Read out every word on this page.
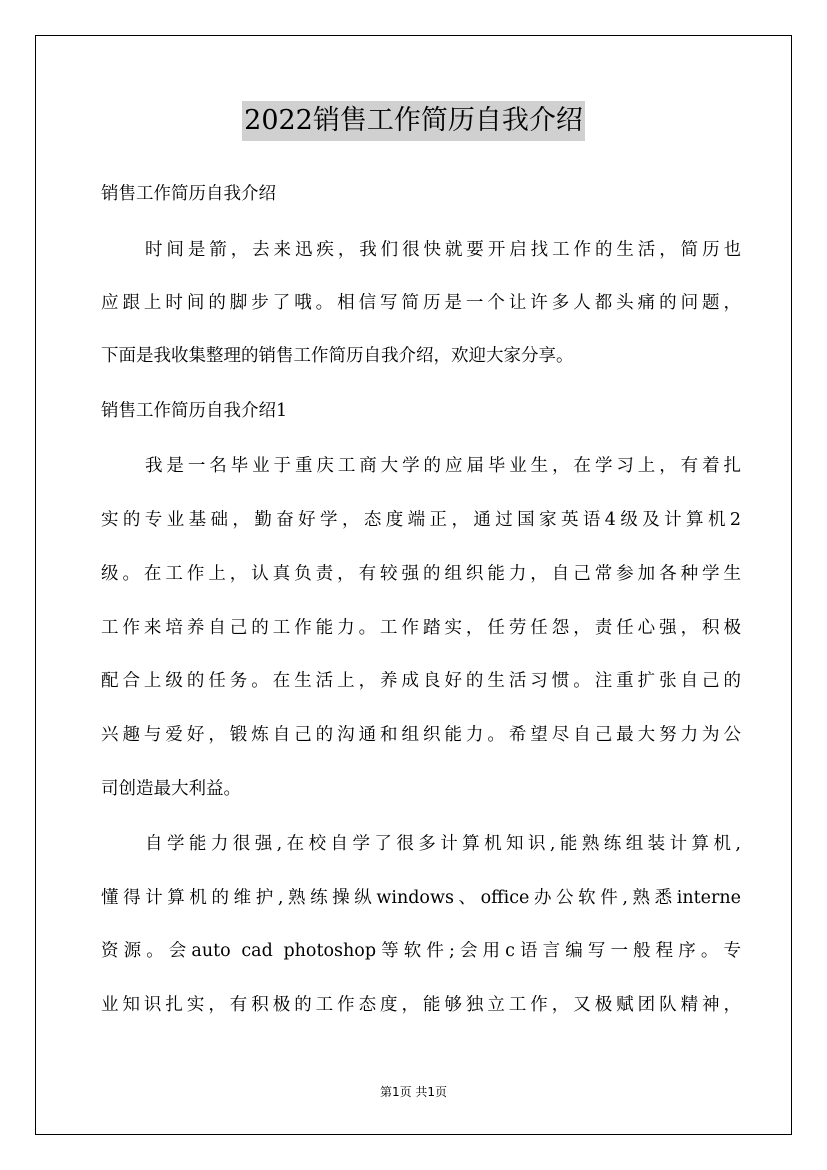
2022销售工作简历自我介绍
销售工作简历自我介绍
时间是箭，去来迅疾，我们很快就要开启找工作的生活，简历也
应跟上时间的脚步了哦。相信写简历是一个让许多人都头痛的问题，
下面是我收集整理的销售工作简历自我介绍，欢迎大家分享。
销售工作简历自我介绍1
我是一名毕业于重庆工商大学的应届毕业生，在学习上，有着扎
实的专业基础，勤奋好学，态度端正，通过国家英语4级及计算机2
级。在工作上，认真负责，有较强的组织能力，自己常参加各种学生
工作来培养自己的工作能力。工作踏实，任劳任怨，责任心强，积极
配合上级的任务。在生活上，养成良好的生活习惯。注重扩张自己的
兴趣与爱好，锻炼自己的沟通和组织能力。希望尽自己最大努力为公
司创造最大利益。
自学能力很强,在校自学了很多计算机知识,能熟练组装计算机,
懂得计算机的维护,熟练操纵windows、office办公软件,熟悉interne
资源。会auto cad photoshop等软件;会用c语言编写一般程序。专
业知识扎实，有积极的工作态度，能够独立工作，又极赋团队精神，
第1页 共1页
